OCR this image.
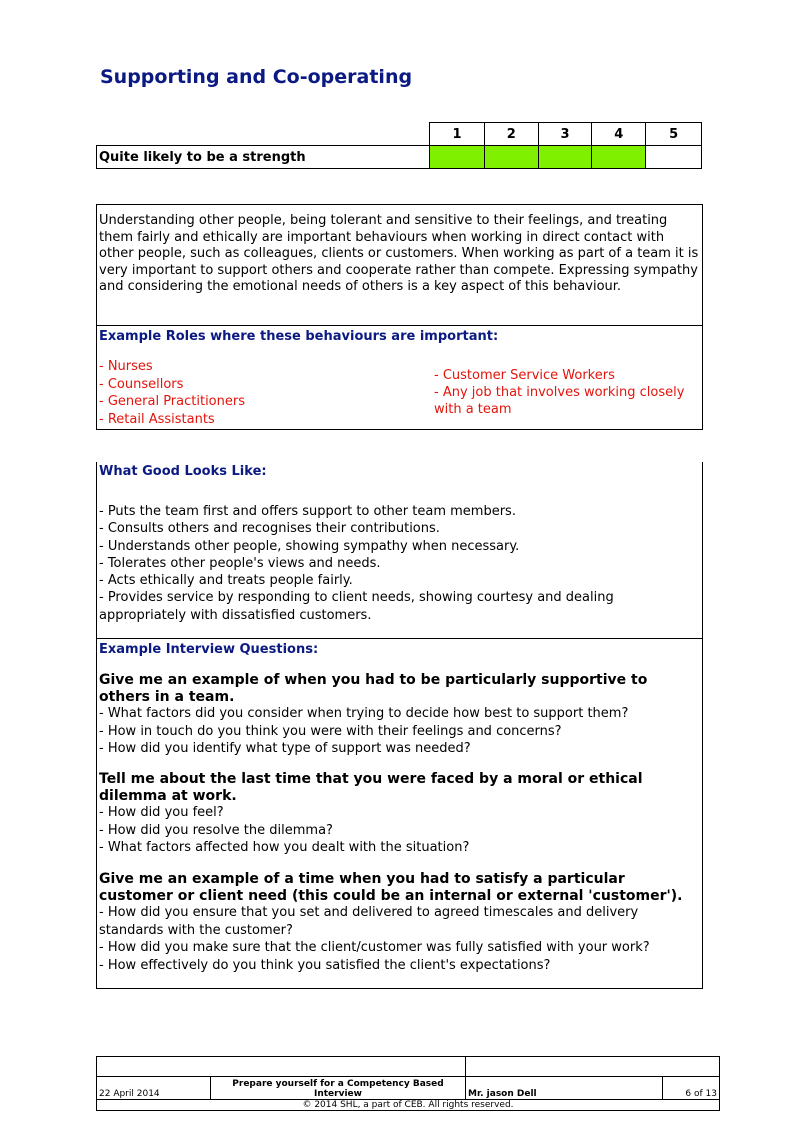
Supporting and Co-operating
	1	2	3	4	5
Quite likely to be a strength					
Understanding other people, being tolerant and sensitive to their feelings, and treating them fairly and ethically are important behaviours when working in direct contact with other people, such as colleagues, clients or customers. When working as part of a team it is very important to support others and cooperate rather than compete. Expressing sympathy and considering the emotional needs of others is a key aspect of this behaviour.
Example Roles where these behaviours are important:
- Nurses
- Counsellors
- General Practitioners
- Retail Assistants
- Customer Service Workers
- Any job that involves working closely with a team
What Good Looks Like:
- Puts the team first and offers support to other team members.
- Consults others and recognises their contributions.
- Understands other people, showing sympathy when necessary.
- Tolerates other people's views and needs.
- Acts ethically and treats people fairly.
- Provides service by responding to client needs, showing courtesy and dealing appropriately with dissatisfied customers.
Example Interview Questions:
Give me an example of when you had to be particularly supportive to others in a team.
- What factors did you consider when trying to decide how best to support them?
- How in touch do you think you were with their feelings and concerns?
- How did you identify what type of support was needed?
Tell me about the last time that you were faced by a moral or ethical dilemma at work.
- How did you feel?
- How did you resolve the dilemma?
- What factors affected how you dealt with the situation?
Give me an example of a time when you had to satisfy a particular customer or client need (this could be an internal or external 'customer').
- How did you ensure that you set and delivered to agreed timescales and delivery standards with the customer?
- How did you make sure that the client/customer was fully satisfied with your work?
- How effectively do you think you satisfied the client's expectations?

22 April 2014	Prepare yourself for a Competency Based Interview	Mr. jason Dell	6 of 13
© 2014 SHL, a part of CEB. All rights reserved.			
